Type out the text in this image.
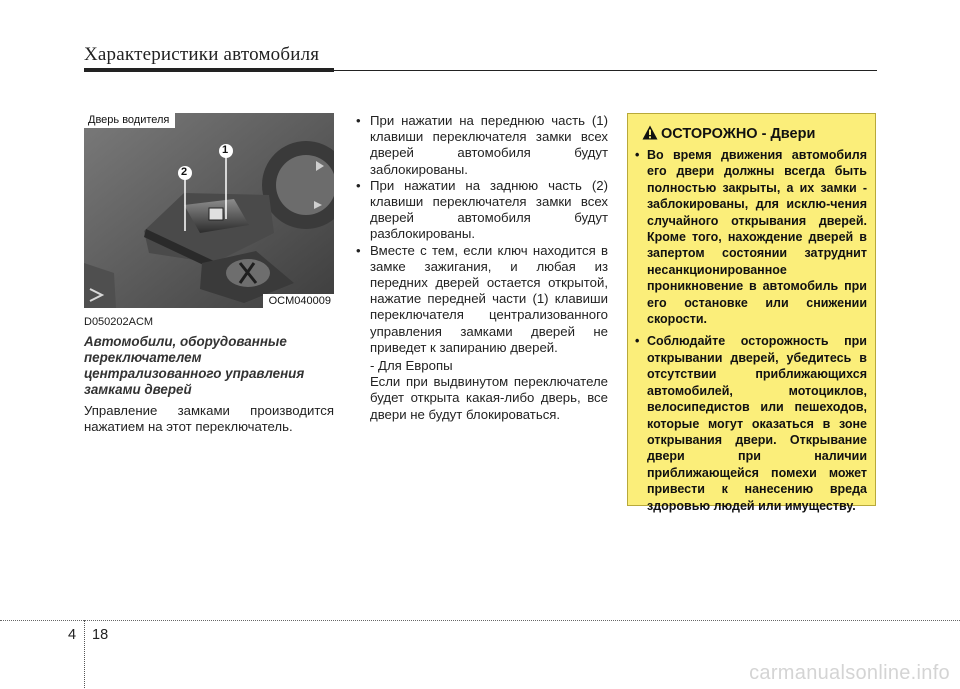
Характеристики автомобиля
1
2
Дверь водителя
OCM040009
D050202ACM
Автомобили, оборудованные переключателем централизованного управления замками дверей
Управление замками производится нажатием на этот переключатель.
• При нажатии на переднюю часть (1) клавиши переключателя замки всех дверей автомобиля будут заблокированы.
• При нажатии на заднюю часть (2) клавиши переключателя замки всех дверей автомобиля будут разблокированы.
• Вместе с тем, если ключ находится в замке зажигания, и любая из передних дверей остается открытой, нажатие передней части (1) клавиши переключателя централизованного управления замками дверей не приведет к запиранию дверей.
- Для Европы
Если при выдвинутом переключателе будет открыта какая-либо дверь, все двери не будут блокироваться.
ОСТОРОЖНО - Двери
• Во время движения автомобиля его двери должны всегда быть полностью закрыты, а их замки - заблокированы, для исклю-чения случайного открывания дверей. Кроме того, нахождение дверей в запертом состоянии затруднит несанкционированное проникновение в автомобиль при его остановке или снижении скорости.
• Соблюдайте осторожность при открывании дверей, убедитесь в отсутствии приближающихся автомобилей, мотоциклов, велосипедистов или пешеходов, которые могут оказаться в зоне открывания двери. Открывание двери при наличии приближающейся помехи может привести к нанесению вреда здоровью людей или имуществу.
4 18
carmanualsonline.info
